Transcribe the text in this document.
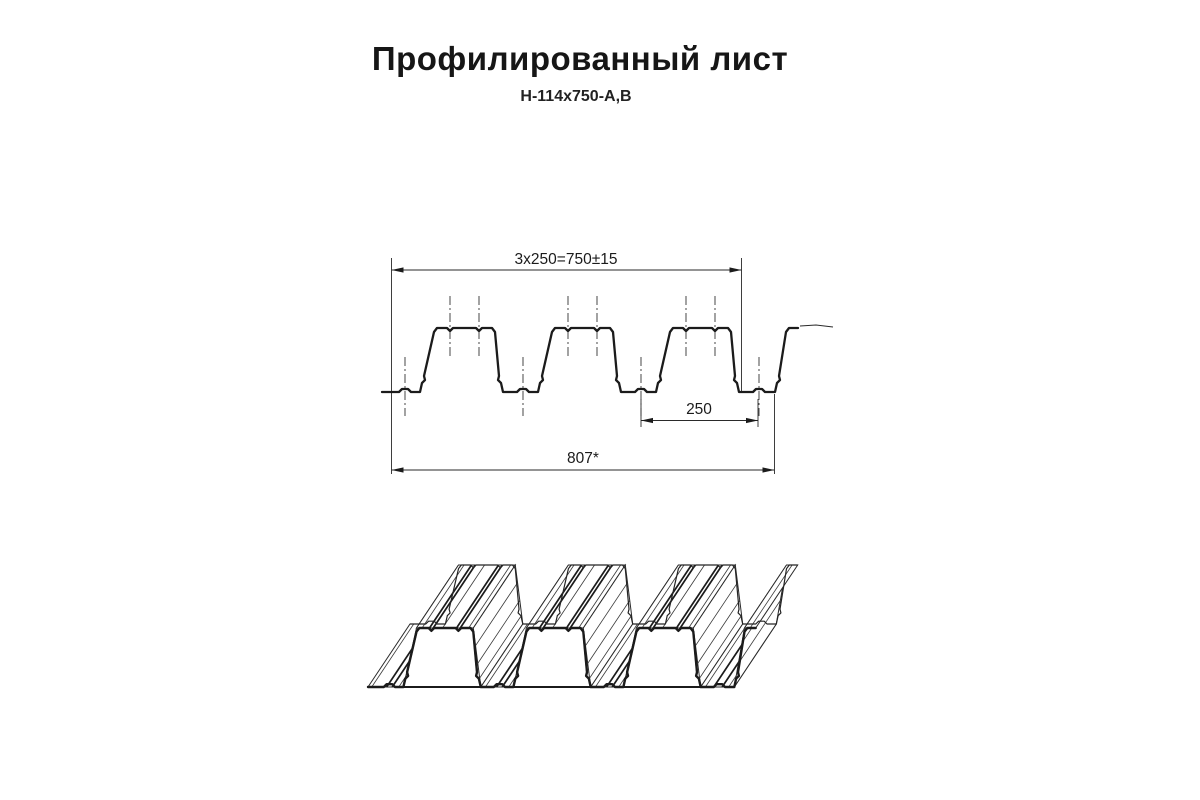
Профилированный лист
Н-114х750-А,В
3x250=750±15
250
807*
